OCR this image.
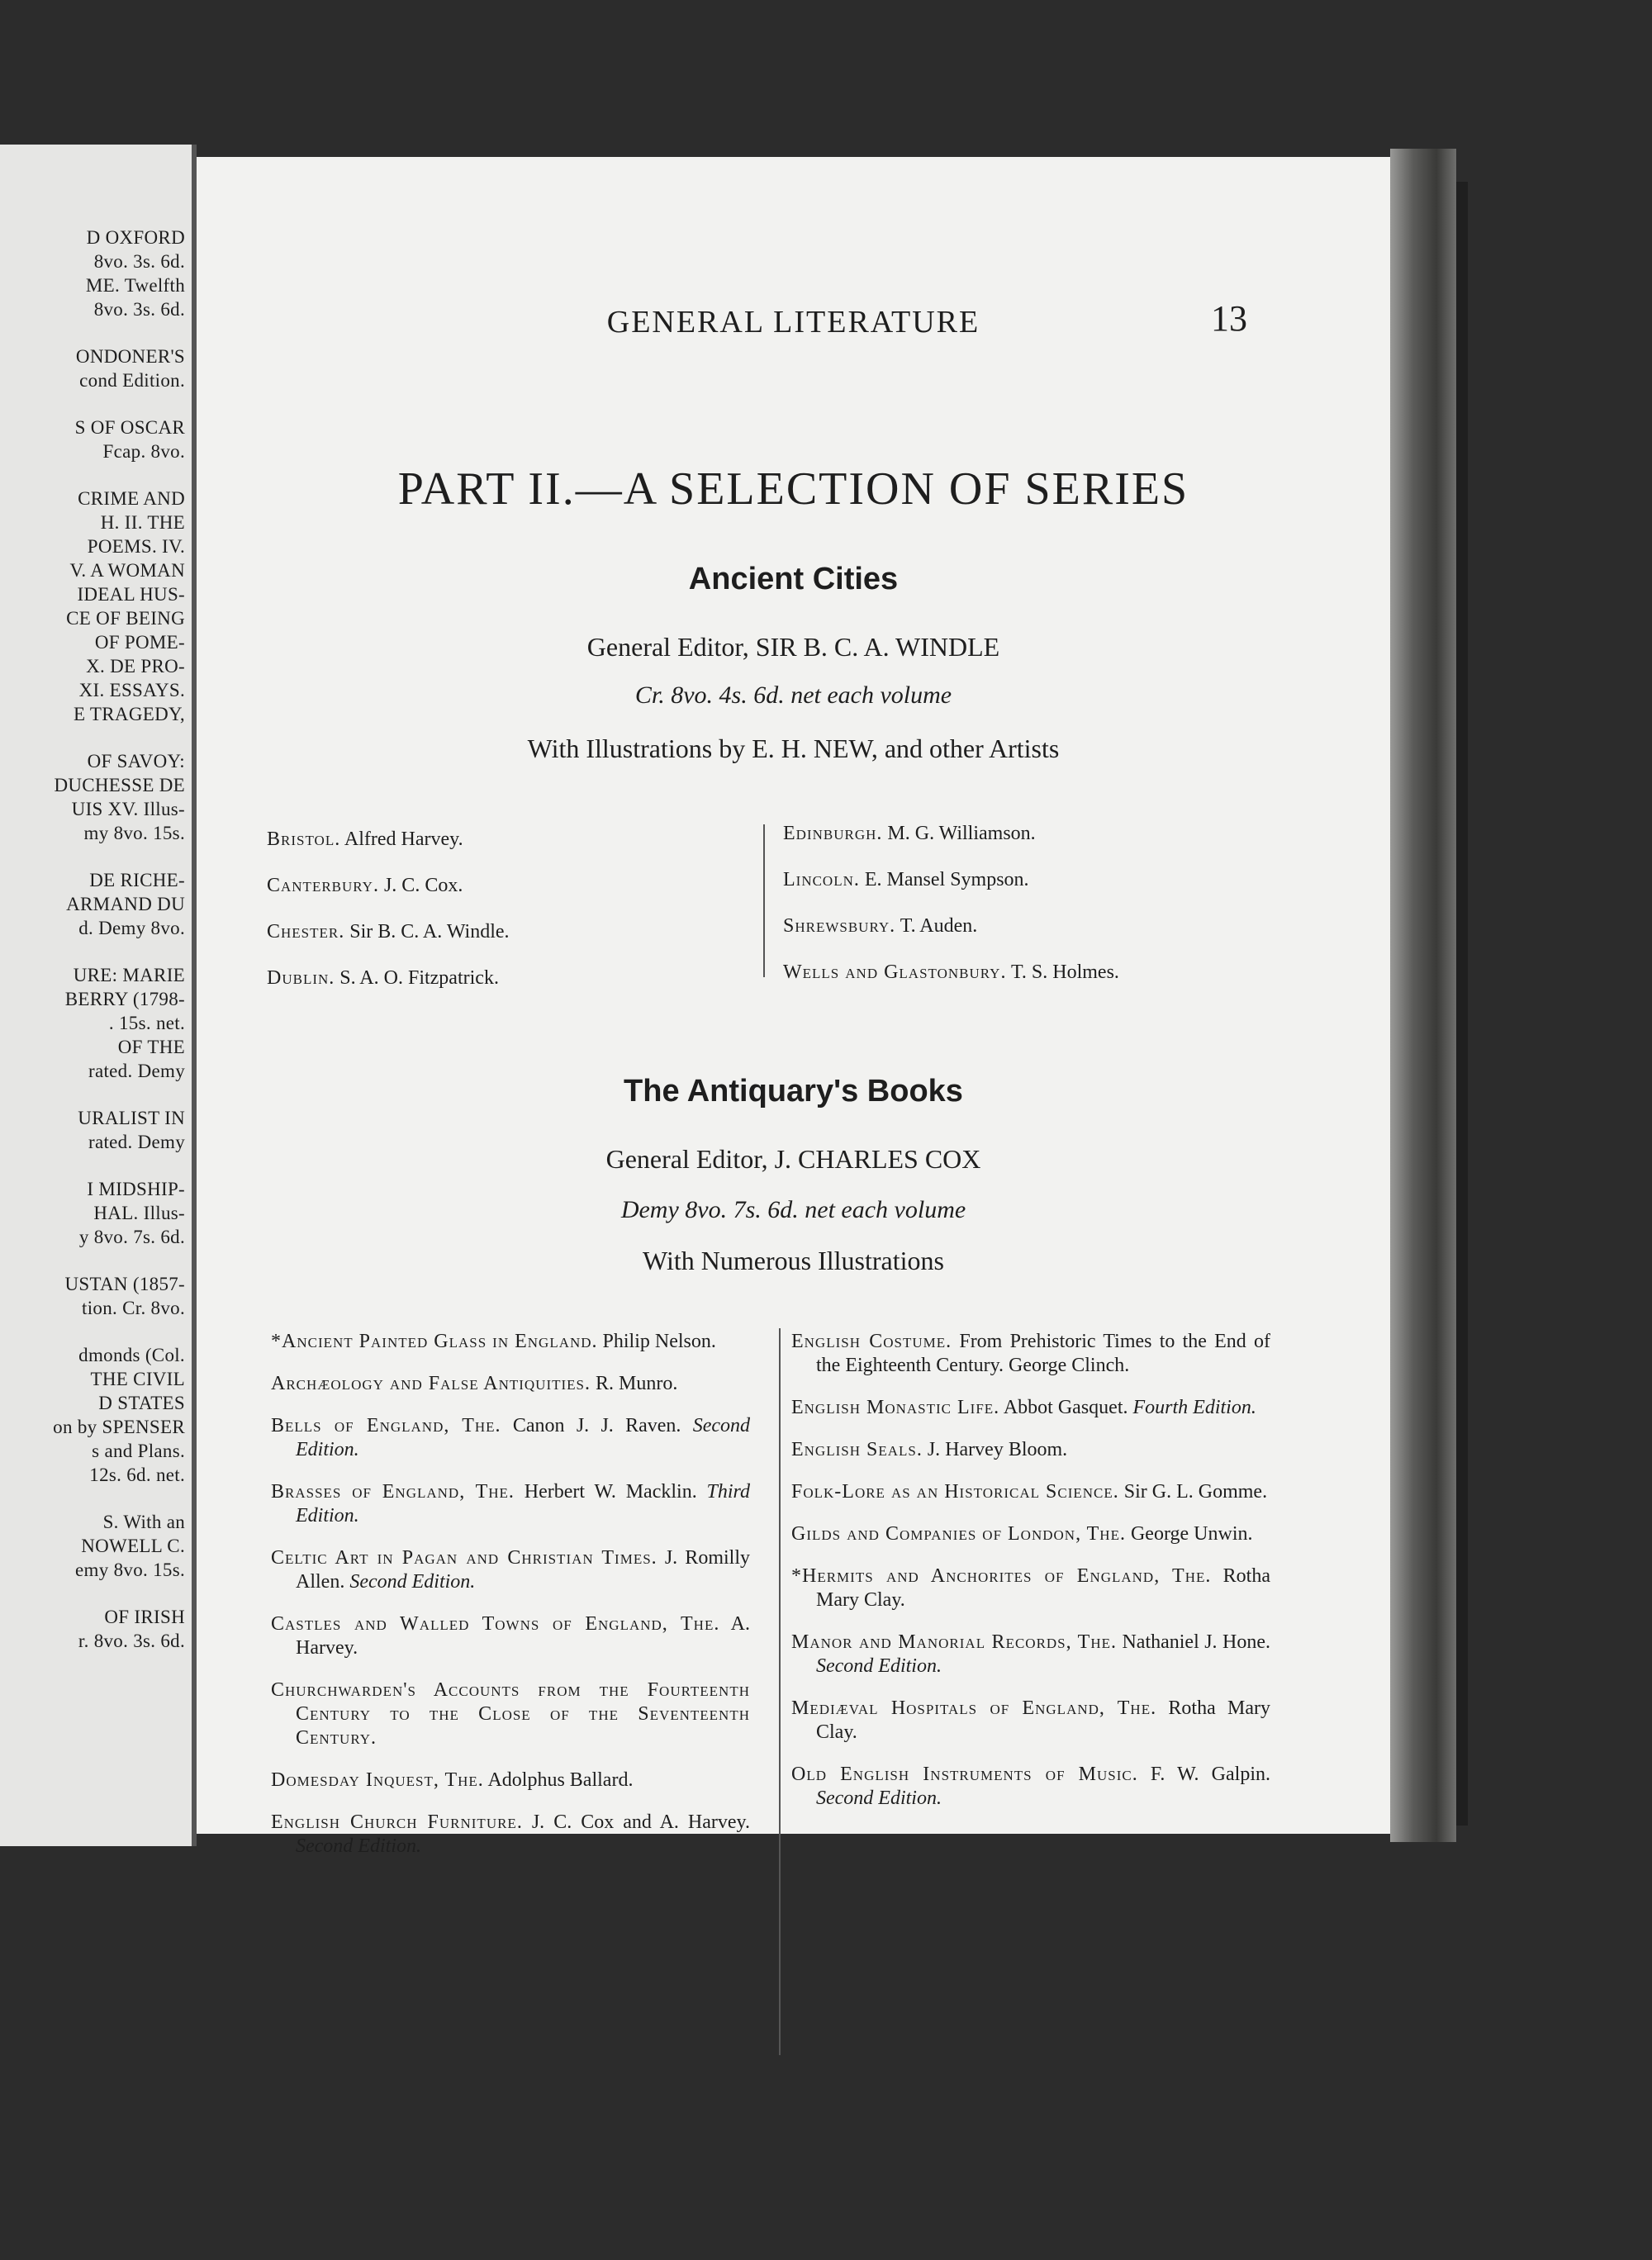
D OXFORD
8vo. 3s. 6d.
ME. Twelfth
8vo. 3s. 6d.
ONDONER'S
cond Edition.
S OF OSCAR
Fcap. 8vo.
CRIME AND
H. II. THE
POEMS. IV.
V. A WOMAN
IDEAL HUS-
CE OF BEING
OF POME-
X. DE PRO-
XI. ESSAYS.
E TRAGEDY,
OF SAVOY:
DUCHESSE DE
UIS XV. Illus-
my 8vo. 15s.
DE RICHE-
ARMAND DU
d. Demy 8vo.
URE: MARIE
BERRY (1798-
. 15s. net.
OF THE
rated. Demy
URALIST IN
rated. Demy
I MIDSHIP-
HAL. Illus-
y 8vo. 7s. 6d.
USTAN (1857-
tion. Cr. 8vo.
dmonds (Col.
THE CIVIL
D STATES
on by SPENSER
s and Plans.
12s. 6d. net.
S. With an
NOWELL C.
emy 8vo. 15s.
OF IRISH
r. 8vo. 3s. 6d.
GENERAL LITERATURE	13
PART II.—A SELECTION OF SERIES
Ancient Cities
General Editor, SIR B. C. A. WINDLE
Cr. 8vo. 4s. 6d. net each volume
With Illustrations by E. H. NEW, and other Artists
Bristol. Alfred Harvey.
Canterbury. J. C. Cox.
Chester. Sir B. C. A. Windle.
Dublin. S. A. O. Fitzpatrick.
Edinburgh. M. G. Williamson.
Lincoln. E. Mansel Sympson.
Shrewsbury. T. Auden.
Wells and Glastonbury. T. S. Holmes.
The Antiquary's Books
General Editor, J. CHARLES COX
Demy 8vo. 7s. 6d. net each volume
With Numerous Illustrations
*Ancient Painted Glass in England. Philip Nelson.
Archæology and False Antiquities. R. Munro.
Bells of England, The. Canon J. J. Raven. Second Edition.
Brasses of England, The. Herbert W. Macklin. Third Edition.
Celtic Art in Pagan and Christian Times. J. Romilly Allen. Second Edition.
Castles and Walled Towns of England, The. A. Harvey.
Churchwarden's Accounts from the Fourteenth Century to the Close of the Seventeenth Century.
Domesday Inquest, The. Adolphus Ballard.
English Church Furniture. J. C. Cox and A. Harvey. Second Edition.
English Costume. From Prehistoric Times to the End of the Eighteenth Century. George Clinch.
English Monastic Life. Abbot Gasquet. Fourth Edition.
English Seals. J. Harvey Bloom.
Folk-Lore as an Historical Science. Sir G. L. Gomme.
Gilds and Companies of London, The. George Unwin.
*Hermits and Anchorites of England, The. Rotha Mary Clay.
Manor and Manorial Records, The. Nathaniel J. Hone. Second Edition.
Mediæval Hospitals of England, The. Rotha Mary Clay.
Old English Instruments of Music. F. W. Galpin. Second Edition.
